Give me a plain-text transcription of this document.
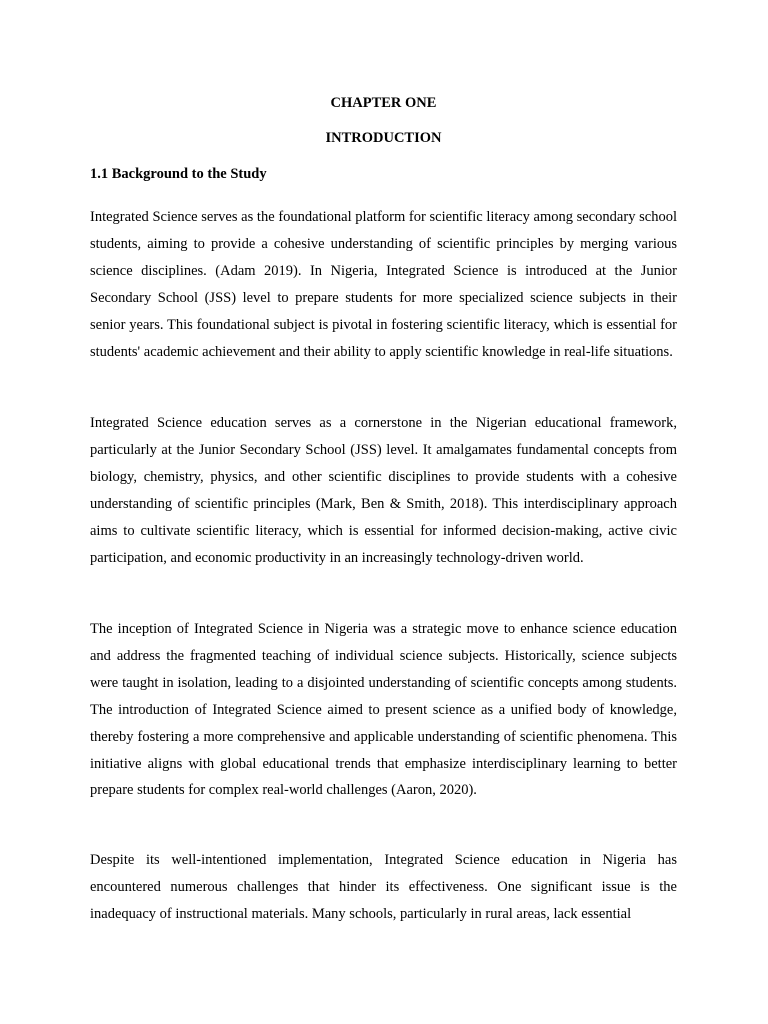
CHAPTER ONE
INTRODUCTION
1.1 Background to the Study

Integrated Science serves as the foundational platform for scientific literacy among secondary school students, aiming to provide a cohesive understanding of scientific principles by merging various science disciplines. (Adam 2019). In Nigeria, Integrated Science is introduced at the Junior Secondary School (JSS) level to prepare students for more specialized science subjects in their senior years. This foundational subject is pivotal in fostering scientific literacy, which is essential for students' academic achievement and their ability to apply scientific knowledge in real-life situations.

Integrated Science education serves as a cornerstone in the Nigerian educational framework, particularly at the Junior Secondary School (JSS) level. It amalgamates fundamental concepts from biology, chemistry, physics, and other scientific disciplines to provide students with a cohesive understanding of scientific principles (Mark, Ben & Smith, 2018). This interdisciplinary approach aims to cultivate scientific literacy, which is essential for informed decision-making, active civic participation, and economic productivity in an increasingly technology-driven world.

The inception of Integrated Science in Nigeria was a strategic move to enhance science education and address the fragmented teaching of individual science subjects. Historically, science subjects were taught in isolation, leading to a disjointed understanding of scientific concepts among students. The introduction of Integrated Science aimed to present science as a unified body of knowledge, thereby fostering a more comprehensive and applicable understanding of scientific phenomena. This initiative aligns with global educational trends that emphasize interdisciplinary learning to better prepare students for complex real-world challenges (Aaron, 2020).

Despite its well-intentioned implementation, Integrated Science education in Nigeria has encountered numerous challenges that hinder its effectiveness. One significant issue is the inadequacy of instructional materials. Many schools, particularly in rural areas, lack essential
